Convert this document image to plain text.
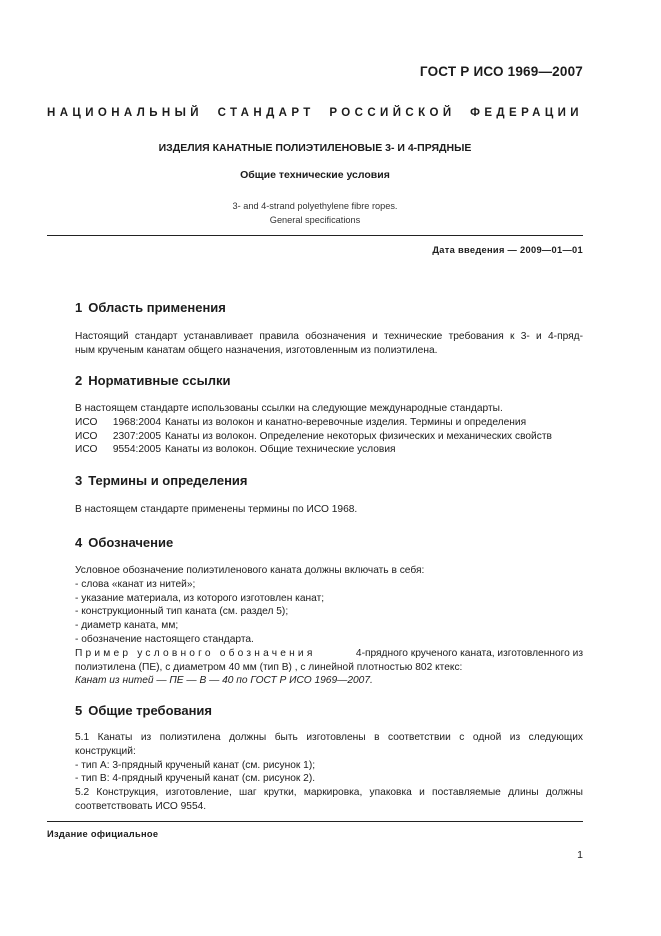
ГОСТ Р ИСО 1969—2007
НАЦИОНАЛЬНЫЙ СТАНДАРТ РОССИЙСКОЙ ФЕДЕРАЦИИ
ИЗДЕЛИЯ КАНАТНЫЕ ПОЛИЭТИЛЕНОВЫЕ 3- И 4-ПРЯДНЫЕ
Общие технические условия
3- and 4-strand polyethylene fibre ropes.
General specifications
Дата введения — 2009—01—01
1 Область применения
Настоящий стандарт устанавливает правила обозначения и технические требования к 3- и 4-пряд-
ным крученым канатам общего назначения, изготовленным из полиэтилена.
2 Нормативные ссылки
В настоящем стандарте использованы ссылки на следующие международные стандарты.
ИСО 1968:2004 Канаты из волокон и канатно-веревочные изделия. Термины и определения
ИСО 2307:2005 Канаты из волокон. Определение некоторых физических и механических свойств
ИСО 9554:2005 Канаты из волокон. Общие технические условия
3 Термины и определения
В настоящем стандарте применены термины по ИСО 1968.
4 Обозначение
Условное обозначение полиэтиленового каната должны включать в себя:
- слова «канат из нитей»;
- указание материала, из которого изготовлен канат;
- конструкционный тип каната (см. раздел 5);
- диаметр каната, мм;
- обозначение настоящего стандарта.
Пример условного обозначения	4-прядного крученого каната, изготовленного из
полиэтилена (ПЕ), с диаметром 40 мм (тип В) , с линейной плотностью 802 ктекс:
Канат из нитей — ПЕ — В — 40 по ГОСТ Р ИСО 1969—2007.
5 Общие требования
5.1 Канаты из полиэтилена должны быть изготовлены в соответствии с одной из следующих
конструкций:
- тип А: 3-прядный крученый канат (см. рисунок 1);
- тип В: 4-прядный крученый канат (см. рисунок 2).
5.2 Конструкция, изготовление, шаг крутки, маркировка, упаковка и поставляемые длины должны
соответствовать ИСО 9554.
Издание официальное
1
